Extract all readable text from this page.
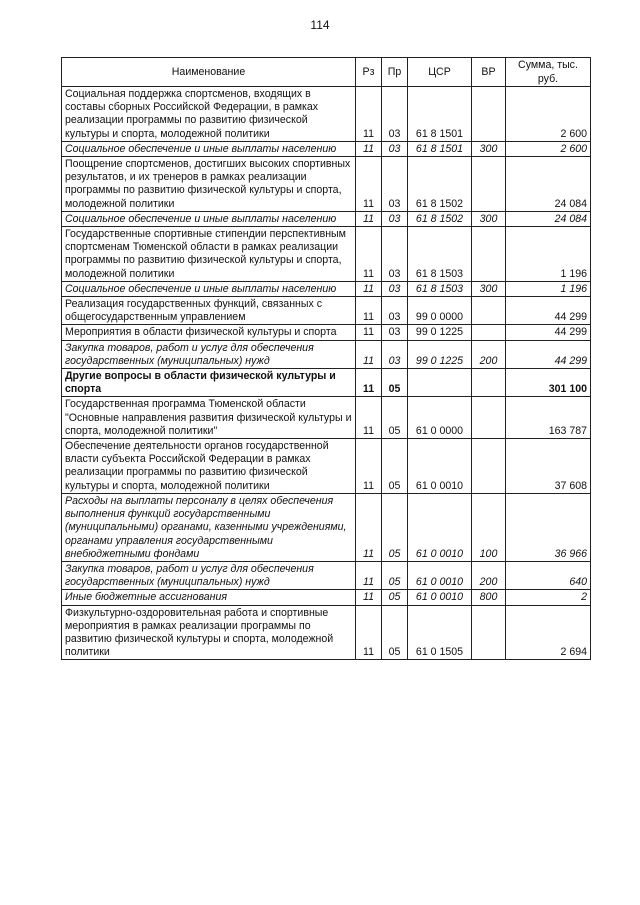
114
Наименование	Рз	Пр	ЦСР	ВР	Сумма, тыс. руб.
Социальная поддержка спортсменов, входящих в составы сборных Российской Федерации, в рамках реализации программы по развитию физической культуры и спорта, молодежной политики	11	03	61 8 1501		2 600
Социальное обеспечение и иные выплаты населению	11	03	61 8 1501	300	2 600
Поощрение спортсменов, достигших высоких спортивных результатов, и их тренеров в рамках реализации программы по развитию физической культуры и спорта, молодежной политики	11	03	61 8 1502		24 084
Социальное обеспечение и иные выплаты населению	11	03	61 8 1502	300	24 084
Государственные спортивные стипендии перспективным спортсменам Тюменской области в рамках реализации программы по развитию физической культуры и спорта, молодежной политики	11	03	61 8 1503		1 196
Социальное обеспечение и иные выплаты населению	11	03	61 8 1503	300	1 196
Реализация государственных функций, связанных с общегосударственным управлением	11	03	99 0 0000		44 299
Мероприятия в области физической культуры и спорта	11	03	99 0 1225		44 299
Закупка товаров, работ и услуг для обеспечения государственных (муниципальных) нужд	11	03	99 0 1225	200	44 299
Другие вопросы в области физической культуры и спорта	11	05			301 100
Государственная программа Тюменской области "Основные направления развития физической культуры и спорта, молодежной политики"	11	05	61 0 0000		163 787
Обеспечение деятельности органов государственной власти субъекта Российской Федерации в рамках реализации программы по развитию физической культуры и спорта, молодежной политики	11	05	61 0 0010		37 608
Расходы на выплаты персоналу в целях обеспечения выполнения функций государственными (муниципальными) органами, казенными учреждениями, органами управления государственными внебюджетными фондами	11	05	61 0 0010	100	36 966
Закупка товаров, работ и услуг для обеспечения государственных (муниципальных) нужд	11	05	61 0 0010	200	640
Иные бюджетные ассигнования	11	05	61 0 0010	800	2
Физкультурно-оздоровительная работа и спортивные мероприятия в рамках реализации программы по развитию физической культуры и спорта, молодежной политики	11	05	61 0 1505		2 694
